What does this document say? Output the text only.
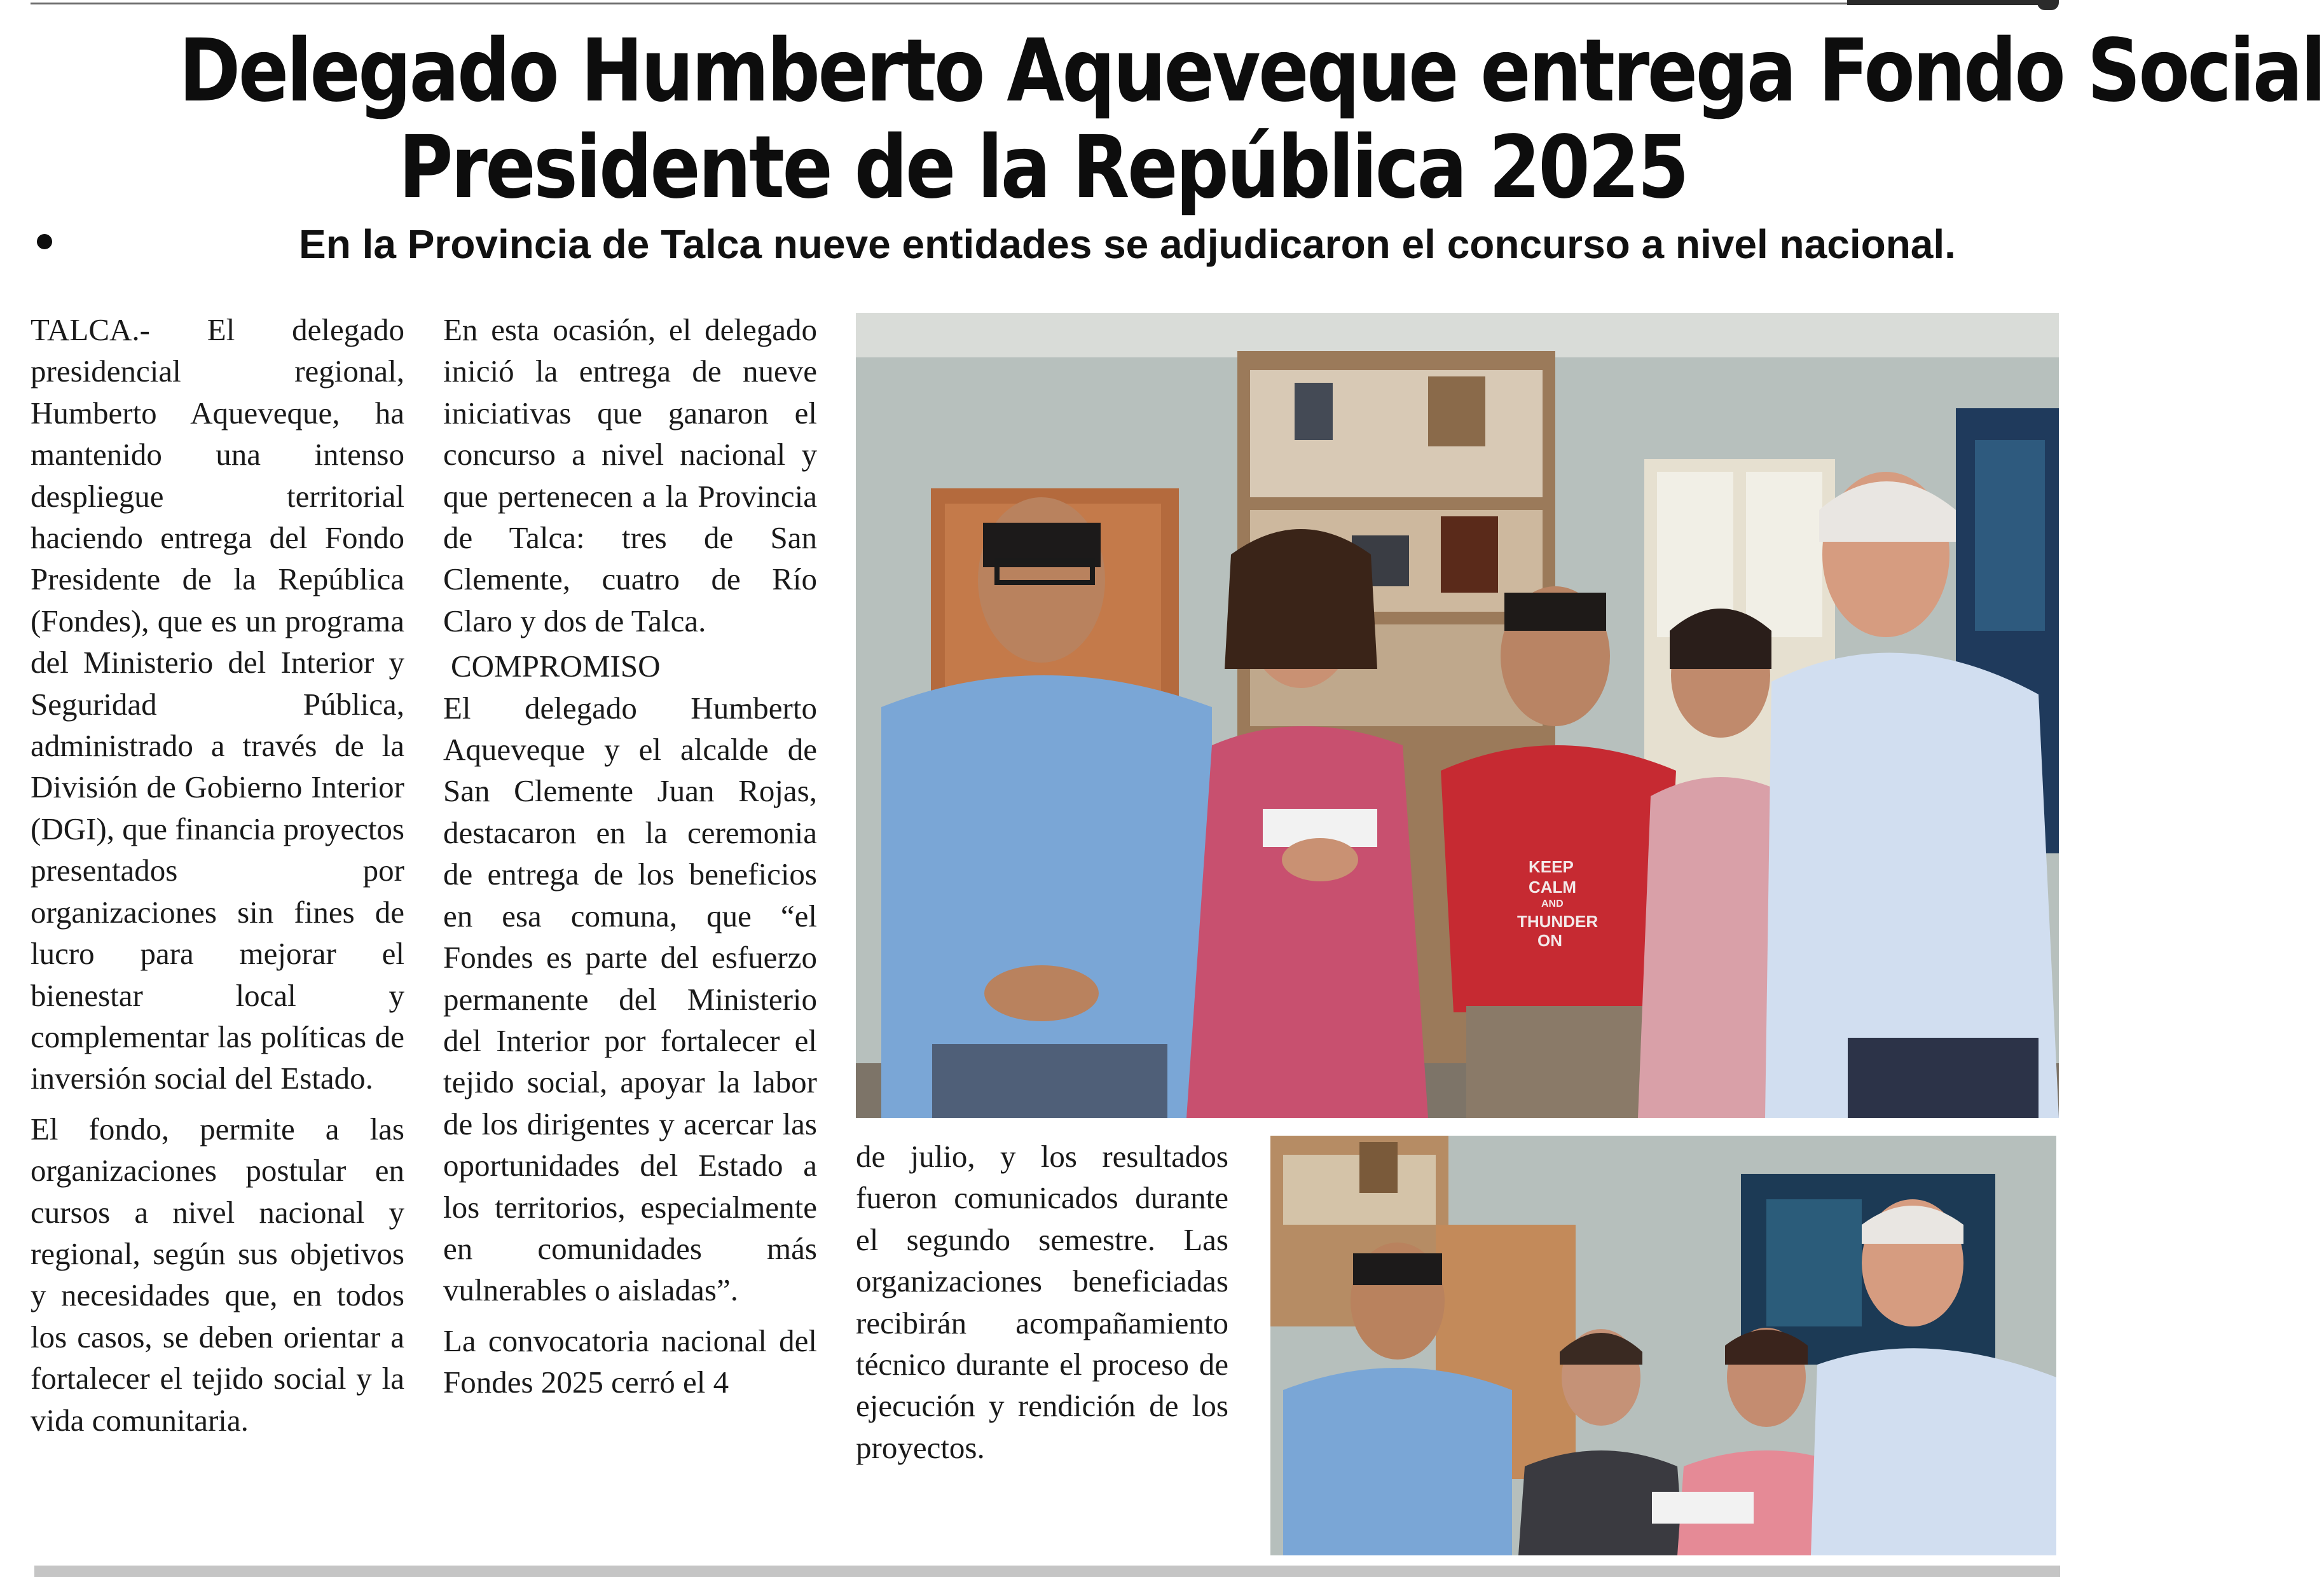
Delegado Humberto Aqueveque entrega Fondo Social
Presidente de la República 2025
En la Provincia de Talca nueve entidades se adjudicaron el concurso a nivel nacional.

TALCA.- El delegado presidencial regional, Humberto Aqueveque, ha mantenido una intenso despliegue territorial haciendo entrega del Fondo Presidente de la República (Fondes), que es un programa del Ministerio del Interior y Seguridad Pública, administrado a través de la División de Gobierno Interior (DGI), que financia proyectos presentados por organizaciones sin fines de lucro para mejorar el bienestar local y complementar las políticas de inversión social del Estado.

El fondo, permite a las organizaciones postular en cursos a nivel nacional y regional, según sus objetivos y necesidades que, en todos los casos, se deben orientar a fortalecer el tejido social y la vida comunitaria.

En esta ocasión, el delegado inició la entrega de nueve iniciativas que ganaron el concurso a nivel nacional y que pertenecen a la Provincia de Talca: tres de San Clemente, cuatro de Río Claro y dos de Talca.

COMPROMISO

El delegado Humberto Aqueveque y el alcalde de San Clemente Juan Rojas, destacaron en la ceremonia de entrega de los beneficios en esa comuna, que “el Fondes es parte del esfuerzo permanente del Ministerio del Interior por fortalecer el tejido social, apoyar la labor de los dirigentes y acercar las oportunidades del Estado a los territorios, especialmente en comunidades más vulnerables o aisladas”.

La convocatoria nacional del Fondes 2025 cerró el 4

de julio, y los resultados fueron comunicados durante el segundo semestre. Las organizaciones beneficiadas recibirán acompañamiento técnico durante el proceso de ejecución y rendición de los proyectos.

KEEP
CALM
AND
THUNDER
ON
